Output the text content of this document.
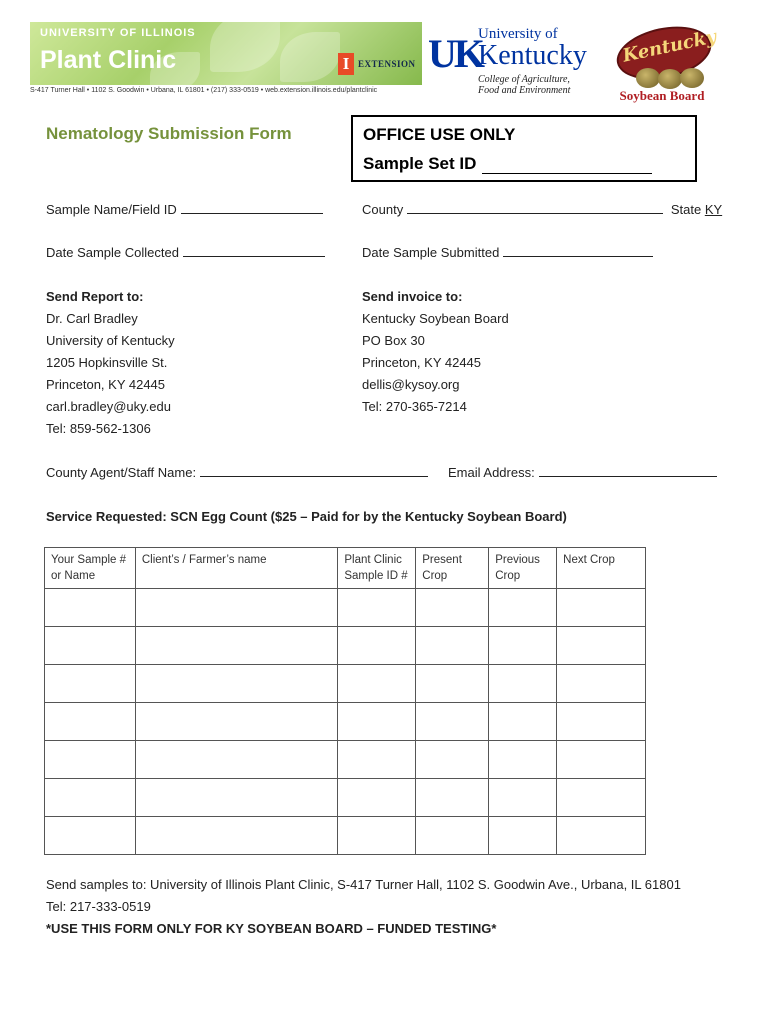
UNIVERSITY OF ILLINOIS
Plant Clinic	I EXTENSION
S-417 Turner Hall • 1102 S. Goodwin • Urbana, IL 61801 • (217) 333-0519 • web.extension.illinois.edu/plantclinic
UK
University of
Kentucky
College of Agriculture,
Food and Environment
Kentucky
Soybean Board
Nematology Submission Form	OFFICE USE ONLY
Sample Set ID
Sample Name/Field ID	County	State KY
Date Sample Collected	Date Sample Submitted
Send Report to:
Dr. Carl Bradley
University of Kentucky
1205 Hopkinsville St.
Princeton, KY 42445
carl.bradley@uky.edu
Tel: 859-562-1306
Send invoice to:
Kentucky Soybean Board
PO Box 30
Princeton, KY 42445
dellis@kysoy.org
Tel: 270-365-7214
County Agent/Staff Name:	Email Address:
Service Requested: SCN Egg Count ($25 – Paid for by the Kentucky Soybean Board)
Your Sample # or Name	Client’s / Farmer’s name	Plant Clinic Sample ID #	Present Crop	Previous Crop	Next Crop

Send samples to: University of Illinois Plant Clinic, S-417 Turner Hall, 1102 S. Goodwin Ave., Urbana, IL 61801
Tel: 217-333-0519
*USE THIS FORM ONLY FOR KY SOYBEAN BOARD – FUNDED TESTING*
